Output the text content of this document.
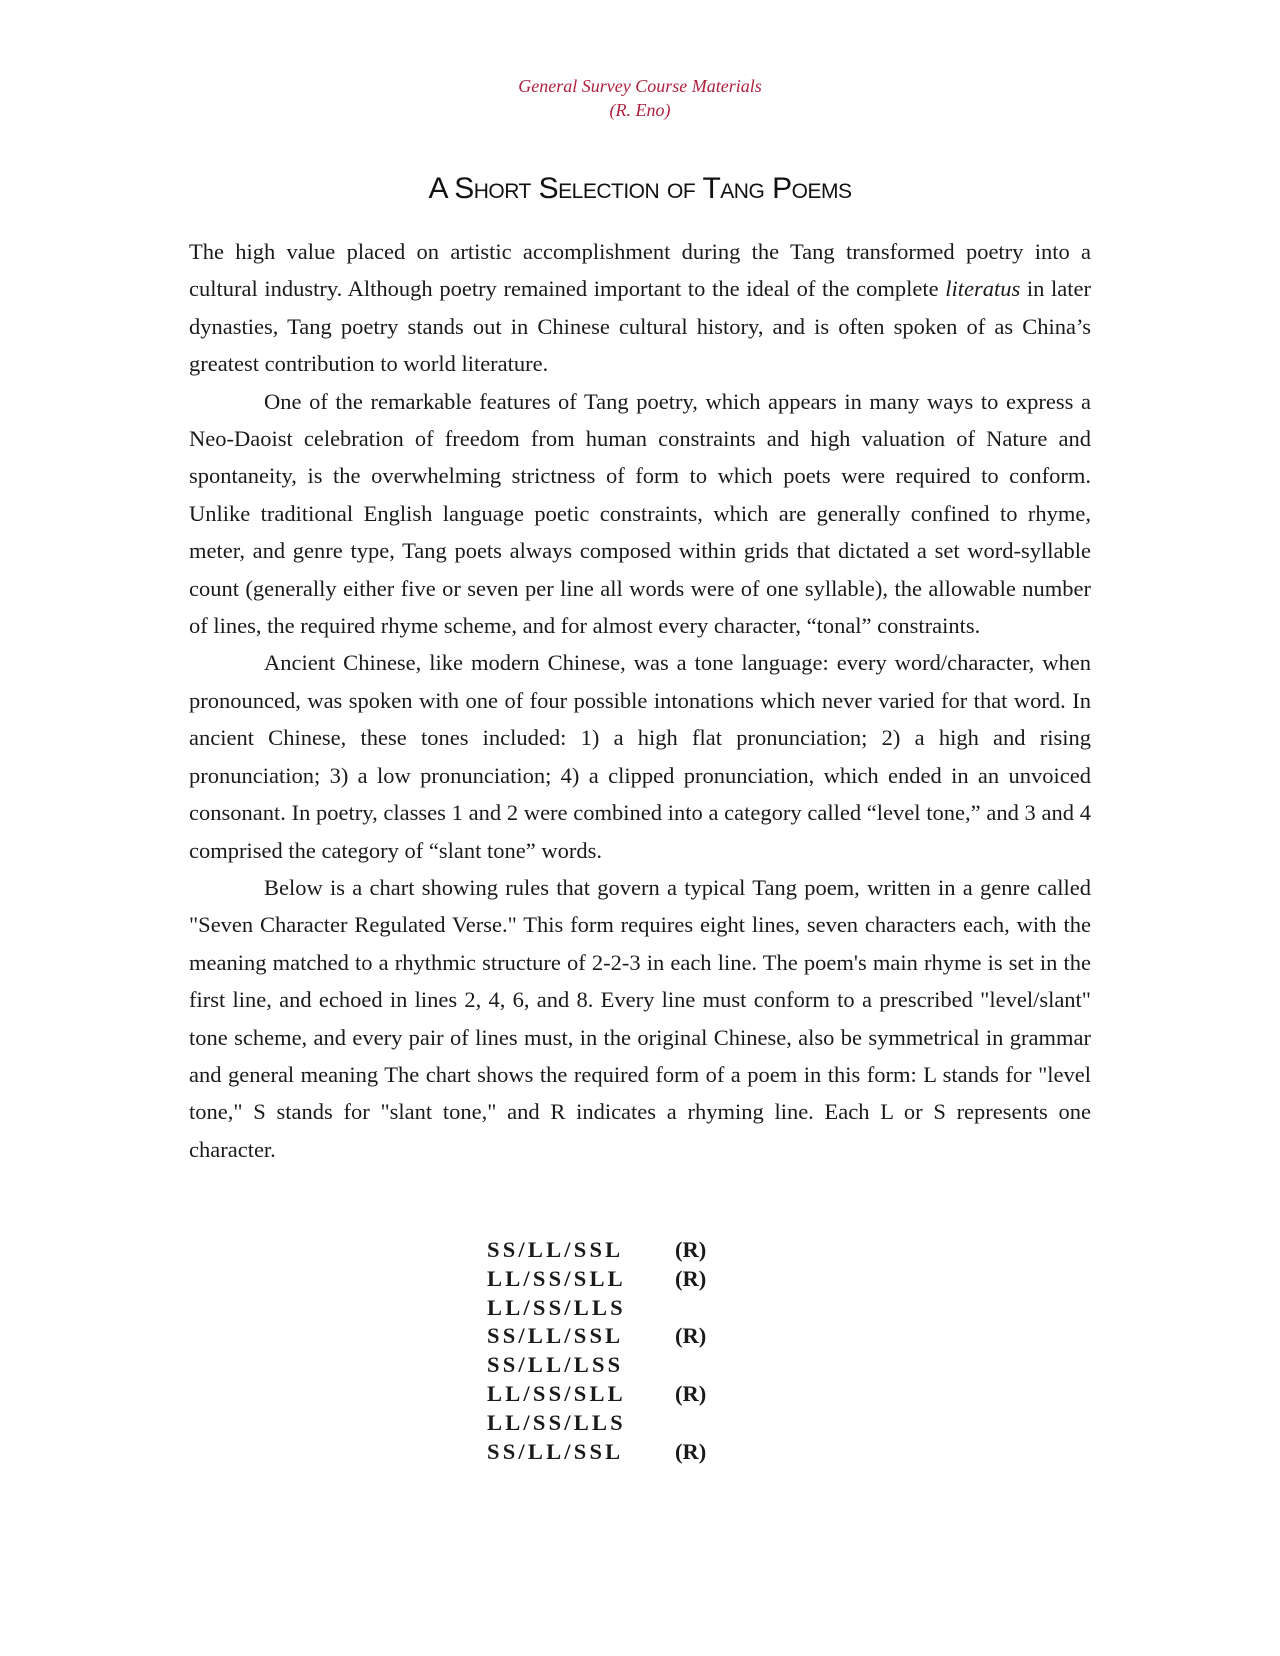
General Survey Course Materials
(R. Eno)
A Short Selection of Tang Poems

The high value placed on artistic accomplishment during the Tang transformed poetry into a cultural industry. Although poetry remained important to the ideal of the complete literatus in later dynasties, Tang poetry stands out in Chinese cultural history, and is often spoken of as China’s greatest contribution to world literature.

One of the remarkable features of Tang poetry, which appears in many ways to express a Neo-Daoist celebration of freedom from human constraints and high valuation of Nature and spontaneity, is the overwhelming strictness of form to which poets were required to conform. Unlike traditional English language poetic constraints, which are generally confined to rhyme, meter, and genre type, Tang poets always composed within grids that dictated a set word-syllable count (generally either five or seven per line all words were of one syllable), the allowable number of lines, the required rhyme scheme, and for almost every character, “tonal” constraints.

Ancient Chinese, like modern Chinese, was a tone language: every word/character, when pronounced, was spoken with one of four possible intonations which never varied for that word. In ancient Chinese, these tones included: 1) a high flat pronunciation; 2) a high and rising pronunciation; 3) a low pronunciation; 4) a clipped pronunciation, which ended in an unvoiced consonant. In poetry, classes 1 and 2 were combined into a category called “level tone,” and 3 and 4 comprised the category of “slant tone” words.

Below is a chart showing rules that govern a typical Tang poem, written in a genre called "Seven Character Regulated Verse." This form requires eight lines, seven characters each, with the meaning matched to a rhythmic structure of 2-2-3 in each line. The poem's main rhyme is set in the first line, and echoed in lines 2, 4, 6, and 8. Every line must conform to a prescribed "level/slant" tone scheme, and every pair of lines must, in the original Chinese, also be symmetrical in grammar and general meaning The chart shows the required form of a poem in this form: L stands for "level tone," S stands for "slant tone," and R indicates a rhyming line. Each L or S represents one character.

SS/LL/SSL (R)
LL/SS/SLL (R)
LL/SS/LLS
SS/LL/SSL (R)
SS/LL/LSS
LL/SS/SLL (R)
LL/SS/LLS
SS/LL/SSL (R)
